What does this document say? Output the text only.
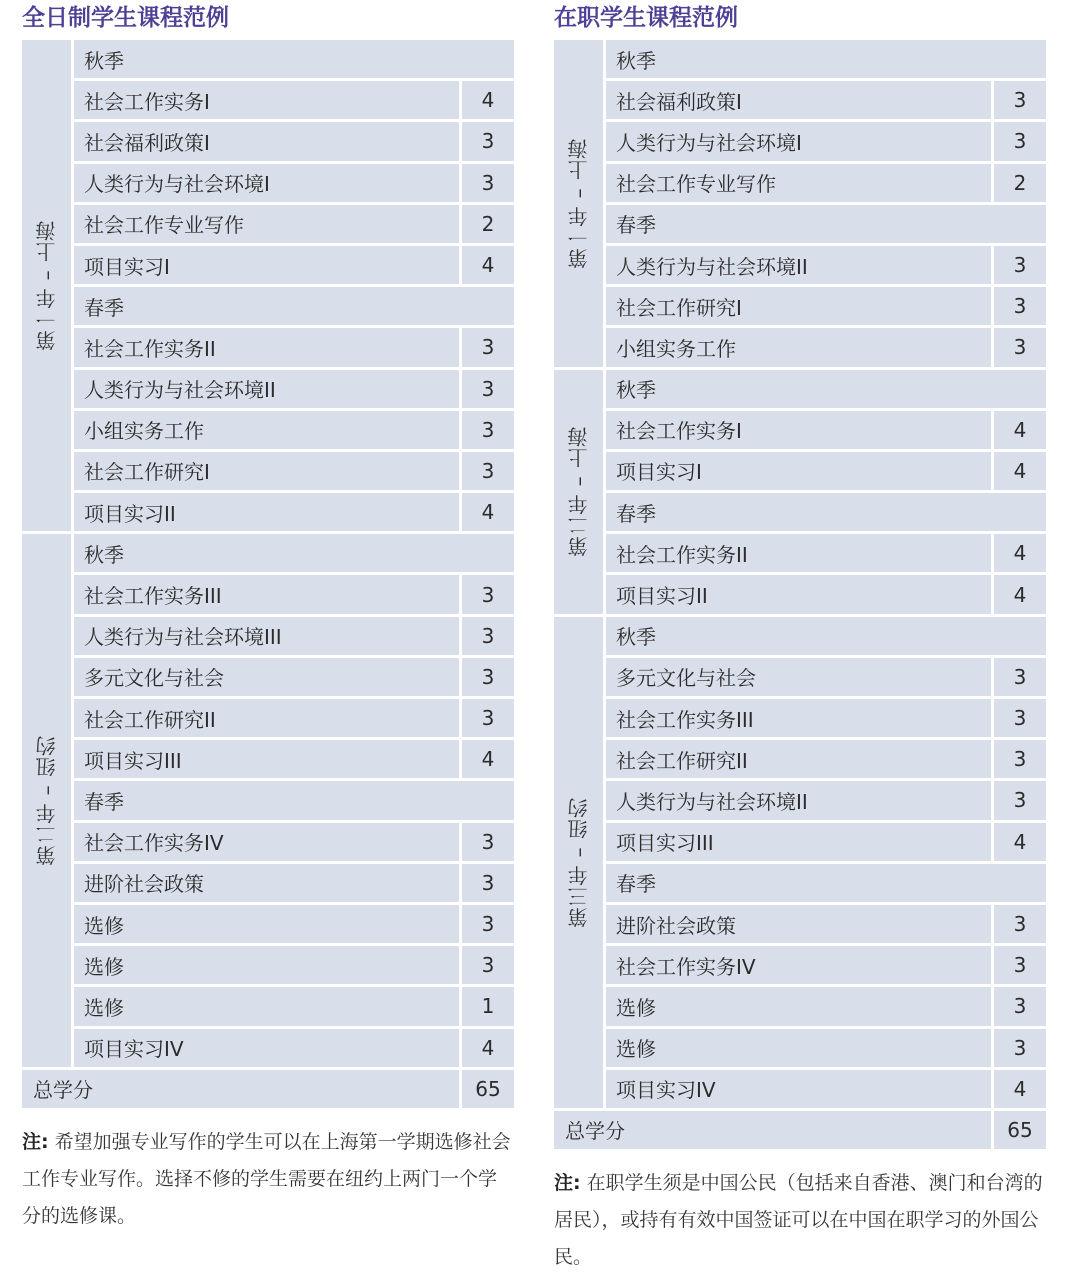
全日制学生课程范例
第一年 – 上海
秋季
社会工作实务I	4
社会福利政策I	3
人类行为与社会环境I	3
社会工作专业写作	2
项目实习I	4
春季
社会工作实务II	3
人类行为与社会环境II	3
小组实务工作	3
社会工作研究I	3
项目实习II	4
第二年 – 纽约
秋季
社会工作实务III	3
人类行为与社会环境III	3
多元文化与社会	3
社会工作研究II	3
项目实习III	4
春季
社会工作实务IV	3
进阶社会政策	3
选修	3
选修	3
选修	1
项目实习IV	4
总学分	65
注: 希望加强专业写作的学生可以在上海第一学期选修社会工作专业写作。选择不修的学生需要在纽约上两门一个学分的选修课。
在职学生课程范例
第一年 – 上海
秋季
社会福利政策I	3
人类行为与社会环境I	3
社会工作专业写作	2
春季
人类行为与社会环境II	3
社会工作研究I	3
小组实务工作	3
第二年 – 上海
秋季
社会工作实务I	4
项目实习I	4
春季
社会工作实务II	4
项目实习II	4
第三年 – 纽约
秋季
多元文化与社会	3
社会工作实务III	3
社会工作研究II	3
人类行为与社会环境II	3
项目实习III	4
春季
进阶社会政策	3
社会工作实务IV	3
选修	3
选修	3
项目实习IV	4
总学分	65
注: 在职学生须是中国公民（包括来自香港、澳门和台湾的居民），或持有有效中国签证可以在中国在职学习的外国公民。
